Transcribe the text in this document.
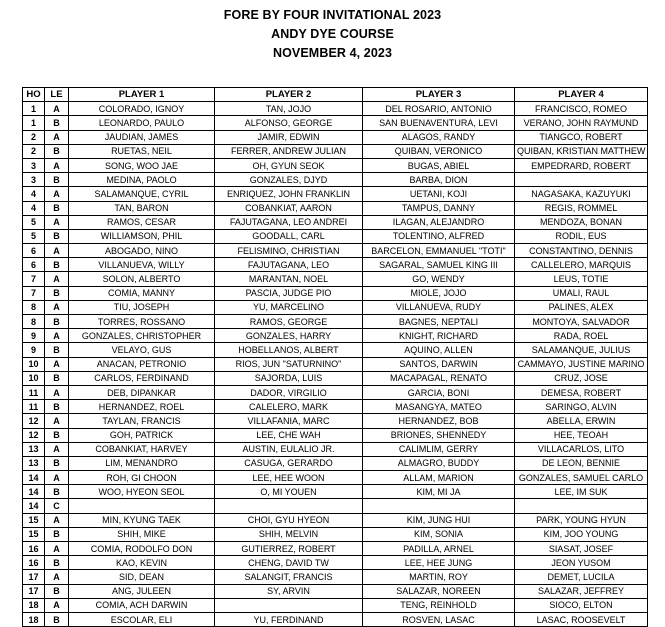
FORE BY FOUR INVITATIONAL 2023
ANDY DYE COURSE
NOVEMBER 4, 2023
HO	LE	PLAYER 1	PLAYER 2	PLAYER 3	PLAYER 4
1	A	COLORADO, IGNOY	TAN, JOJO	DEL ROSARIO, ANTONIO	FRANCISCO, ROMEO
1	B	LEONARDO, PAULO	ALFONSO, GEORGE	SAN BUENAVENTURA, LEVI	VERANO, JOHN RAYMUND
2	A	JAUDIAN, JAMES	JAMIR, EDWIN	ALAGOS, RANDY	TIANGCO, ROBERT
2	B	RUETAS, NEIL	FERRER, ANDREW JULIAN	QUIBAN, VERONICO	QUIBAN, KRISTIAN MATTHEW
3	A	SONG, WOO JAE	OH, GYUN SEOK	BUGAS, ABIEL	EMPEDRARD, ROBERT
3	B	MEDINA, PAOLO	GONZALES, DJYD	BARBA, DION	
4	A	SALAMANQUE, CYRIL	ENRIQUEZ, JOHN FRANKLIN	UETANI, KOJI	NAGASAKA, KAZUYUKI
4	B	TAN, BARON	COBANKIAT, AARON	TAMPUS, DANNY	REGIS, ROMMEL
5	A	RAMOS, CESAR	FAJUTAGANA, LEO ANDREI	ILAGAN, ALEJANDRO	MENDOZA, BONAN
5	B	WILLIAMSON, PHIL	GOODALL, CARL	TOLENTINO, ALFRED	RODIL, EUS
6	A	ABOGADO, NINO	FELISMINO, CHRISTIAN	BARCELON, EMMANUEL "TOTI"	CONSTANTINO, DENNIS
6	B	VILLANUEVA, WILLY	FAJUTAGANA, LEO	SAGARAL, SAMUEL KING III	CALLELERO, MARQUIS
7	A	SOLON, ALBERTO	MARANTAN, NOEL	GO, WENDY	LEUS, TOTIE
7	B	COMIA, MANNY	PASCIA, JUDGE PIO	MIOLE, JOJO	UMALI, RAUL
8	A	TIU, JOSEPH	YU, MARCELINO	VILLANUEVA, RUDY	PALINES, ALEX
8	B	TORRES, ROSSANO	RAMOS, GEORGE	BAGNES, NEPTALI	MONTOYA, SALVADOR
9	A	GONZALES, CHRISTOPHER	GONZALES, HARRY	KNIGHT, RICHARD	RADA, ROEL
9	B	VELAYO, GUS	HOBELLANOS, ALBERT	AQUINO, ALLEN	SALAMANQUE, JULIUS
10	A	ANACAN, PETRONIO	RIOS, JUN "SATURNINO"	SANTOS, DARWIN	CAMMAYO, JUSTINE MARINO
10	B	CARLOS, FERDINAND	SAJORDA, LUIS	MACAPAGAL, RENATO	CRUZ, JOSE
11	A	DEB, DIPANKAR	DADOR, VIRGILIO	GARCIA, BONI	DEMESA, ROBERT
11	B	HERNANDEZ, ROEL	CALELERO, MARK	MASANGYA, MATEO	SARINGO, ALVIN
12	A	TAYLAN, FRANCIS	VILLAFANIA, MARC	HERNANDEZ, BOB	ABELLA, ERWIN
12	B	GOH, PATRICK	LEE, CHE WAH	BRIONES, SHENNEDY	HEE, TEOAH
13	A	COBANKIAT, HARVEY	AUSTIN, EULALIO JR.	CALIMLIM, GERRY	VILLACARLOS, LITO
13	B	LIM, MENANDRO	CASUGA, GERARDO	ALMAGRO, BUDDY	DE LEON, BENNIE
14	A	ROH, GI CHOON	LEE, HEE WOON	ALLAM, MARION	GONZALES, SAMUEL CARLO
14	B	WOO, HYEON SEOL	O, MI YOUEN	KIM, MI JA	LEE, IM SUK
14	C				
15	A	MIN, KYUNG TAEK	CHOI, GYU HYEON	KIM, JUNG HUI	PARK, YOUNG HYUN
15	B	SHIH, MIKE	SHIH, MELVIN	KIM, SONIA	KIM, JOO YOUNG
16	A	COMIA, RODOLFO DON	GUTIERREZ, ROBERT	PADILLA, ARNEL	SIASAT, JOSEF
16	B	KAO, KEVIN	CHENG, DAVID TW	LEE, HEE JUNG	JEON YUSOM
17	A	SID, DEAN	SALANGIT, FRANCIS	MARTIN, ROY	DEMET, LUCILA
17	B	ANG, JULEEN	SY, ARVIN	SALAZAR, NOREEN	SALAZAR, JEFFREY
18	A	COMIA, ACH DARWIN		TENG, REINHOLD	SIOCO, ELTON
18	B	ESCOLAR, ELI	YU, FERDINAND	ROSVEN, LASAC	LASAC, ROOSEVELT
